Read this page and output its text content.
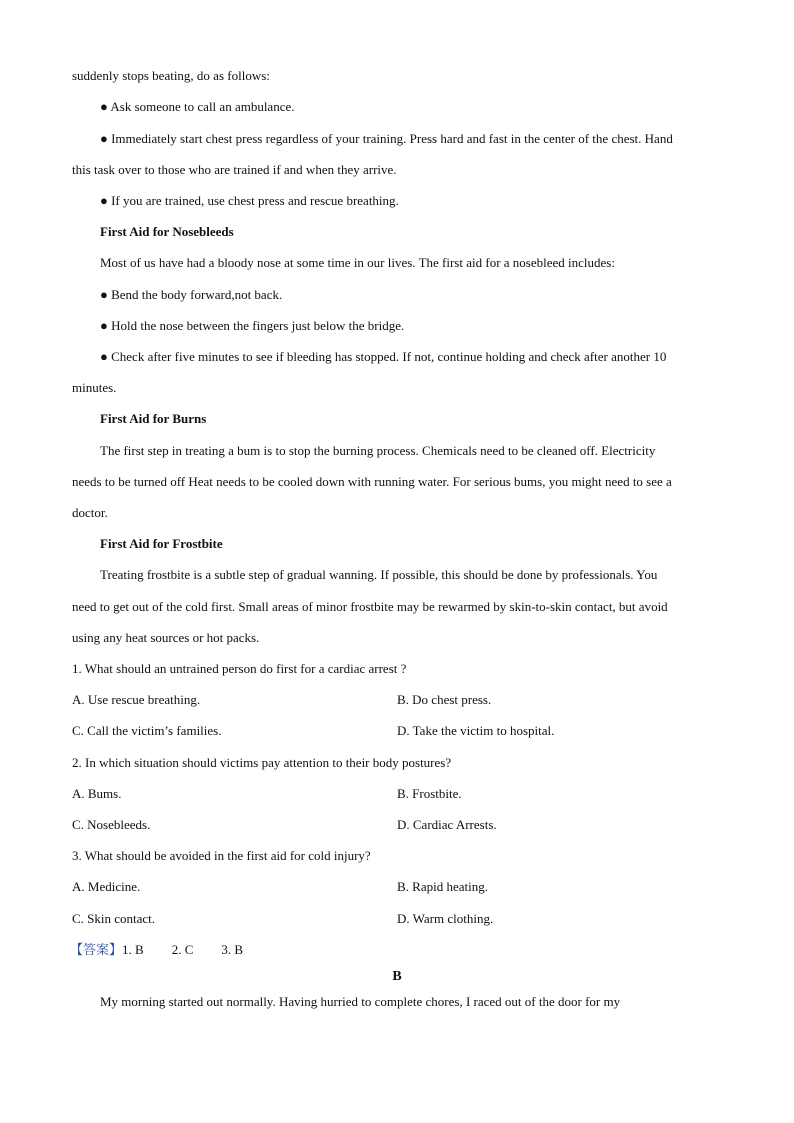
suddenly stops beating, do as follows:
● Ask someone to call an ambulance.
● Immediately start chest press regardless of your training. Press hard and fast in the center of the chest. Hand
this task over to those who are trained if and when they arrive.
● If you are trained, use chest press and rescue breathing.
First Aid for Nosebleeds
Most of us have had a bloody nose at some time in our lives. The first aid for a nosebleed includes:
● Bend the body forward,not back.
● Hold the nose between the fingers just below the bridge.
● Check after five minutes to see if bleeding has stopped. If not, continue holding and check after another 10
minutes.
First Aid for Burns
The first step in treating a bum is to stop the burning process. Chemicals need to be cleaned off. Electricity
needs to be turned off Heat needs to be cooled down with running water. For serious bums, you might need to see a
doctor.
First Aid for Frostbite
Treating frostbite is a subtle step of gradual wanning. If possible, this should be done by professionals. You
need to get out of the cold first. Small areas of minor frostbite may be rewarmed by skin-to-skin contact, but avoid
using any heat sources or hot packs.
1. What should an untrained person do first for a cardiac arrest ?
A. Use rescue breathing.	B. Do chest press.
C. Call the victim’s families.	D. Take the victim to hospital.
2. In which situation should victims pay attention to their body postures?
A. Bums.	B. Frostbite.
C. Nosebleeds.	D. Cardiac Arrests.
3. What should be avoided in the first aid for cold injury?
A. Medicine.	B. Rapid heating.
C. Skin contact.	D. Warm clothing.
【答案】1. B 2. C 3. B
B
My morning started out normally. Having hurried to complete chores, I raced out of the door for my
